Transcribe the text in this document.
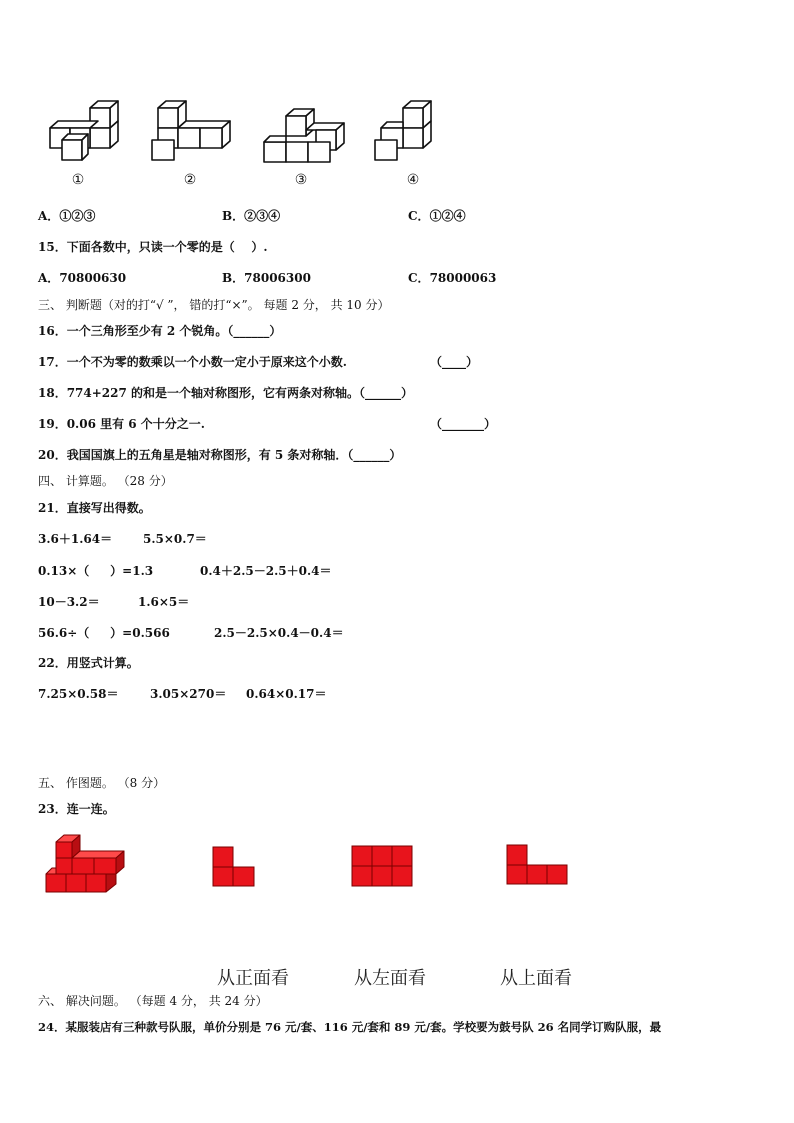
①	②	③	④
A．①②③	B．②③④	C．①②④
15．下面各数中，只读一个零的是（    ）.
A．70800630	B．78006300	C．78000063
三、 判断题（对的打“√ ”， 错的打“×”。 每题 2 分， 共 10 分）
16．一个三角形至少有 2 个锐角。（______）
17．一个不为零的数乘以一个小数一定小于原来这个小数.	（____）
18．774+227 的和是一个轴对称图形，它有两条对称轴。（______）
19．0.06 里有 6 个十分之一.	（_______）
20．我国国旗上的五角星是轴对称图形，有 5 条对称轴．（______）
四、 计算题。 （28 分）
21．直接写出得数。
3.6＋1.64＝	5.5×0.7＝
0.13×（     ）=1.3	0.4＋2.5－2.5＋0.4＝
10－3.2＝	1.6×5＝
56.6÷（     ）=0.566	2.5－2.5×0.4－0.4＝
22．用竖式计算。
7.25×0.58＝	3.05×270＝ 0.64×0.17＝
五、 作图题。 （8 分）
23．连一连。
从正面看	从左面看	从上面看
六、 解决问题。 （每题 4 分， 共 24 分）
24．某服装店有三种款号队服，单价分别是 76 元/套、116 元/套和 89 元/套。学校要为鼓号队 26 名同学订购队服，最
